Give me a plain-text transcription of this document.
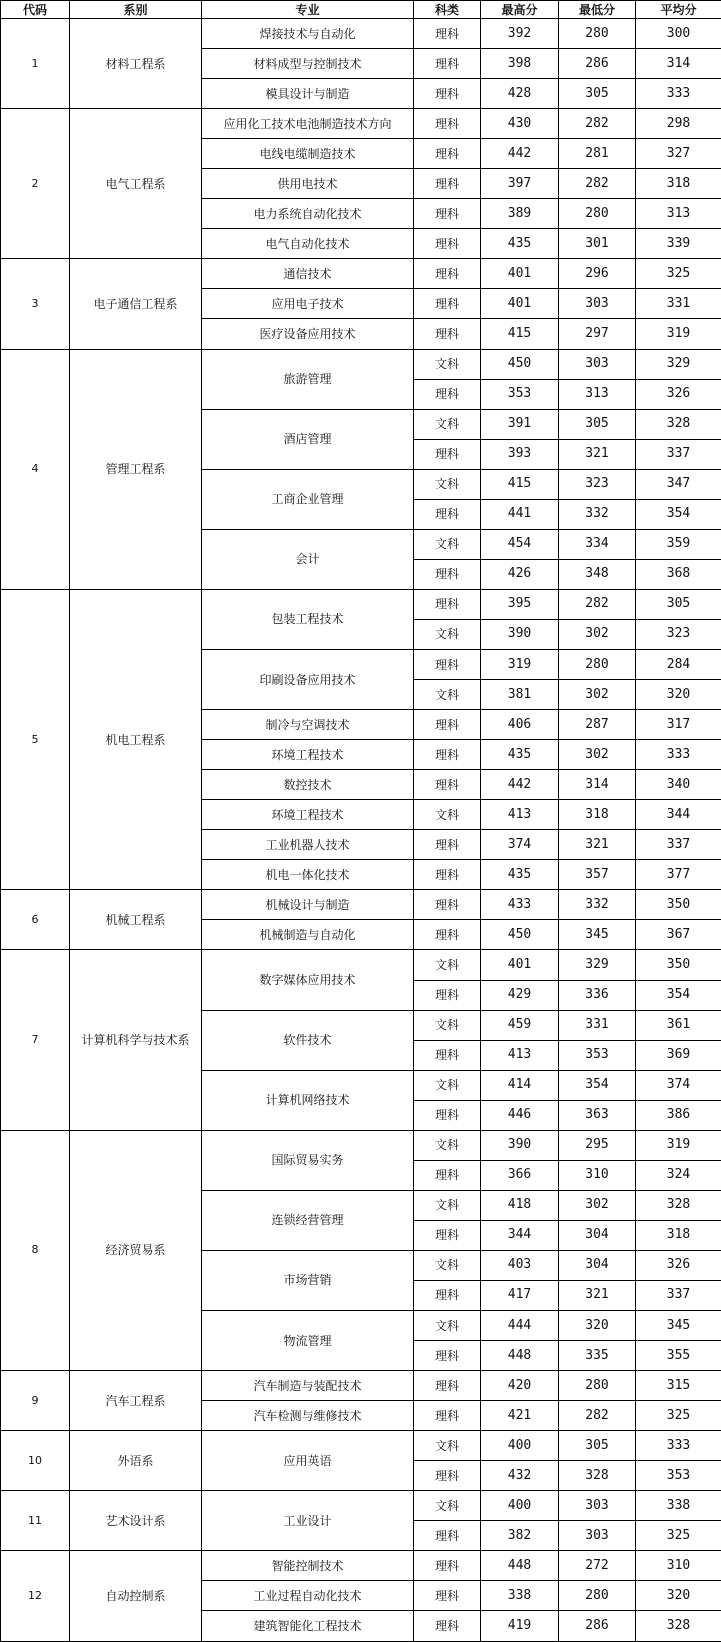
代码	系别	专业	科类	最高分	最低分	平均分
1	材料工程系	焊接技术与自动化	理科	392	280	300
		材料成型与控制技术	理科	398	286	314
		模具设计与制造	理科	428	305	333
2	电气工程系	应用化工技术电池制造技术方向	理科	430	282	298
		电线电缆制造技术	理科	442	281	327
		供用电技术	理科	397	282	318
		电力系统自动化技术	理科	389	280	313
		电气自动化技术	理科	435	301	339
3	电子通信工程系	通信技术	理科	401	296	325
		应用电子技术	理科	401	303	331
		医疗设备应用技术	理科	415	297	319
4	管理工程系	旅游管理	文科	450	303	329
			理科	353	313	326
		酒店管理	文科	391	305	328
			理科	393	321	337
		工商企业管理	文科	415	323	347
			理科	441	332	354
		会计	文科	454	334	359
			理科	426	348	368
5	机电工程系	包装工程技术	理科	395	282	305
			文科	390	302	323
		印刷设备应用技术	理科	319	280	284
			文科	381	302	320
		制冷与空调技术	理科	406	287	317
		环境工程技术	理科	435	302	333
		数控技术	理科	442	314	340
		环境工程技术	文科	413	318	344
		工业机器人技术	理科	374	321	337
		机电一体化技术	理科	435	357	377
6	机械工程系	机械设计与制造	理科	433	332	350
		机械制造与自动化	理科	450	345	367
7	计算机科学与技术系	数字媒体应用技术	文科	401	329	350
			理科	429	336	354
		软件技术	文科	459	331	361
			理科	413	353	369
		计算机网络技术	文科	414	354	374
			理科	446	363	386
8	经济贸易系	国际贸易实务	文科	390	295	319
			理科	366	310	324
		连锁经营管理	文科	418	302	328
			理科	344	304	318
		市场营销	文科	403	304	326
			理科	417	321	337
		物流管理	文科	444	320	345
			理科	448	335	355
9	汽车工程系	汽车制造与装配技术	理科	420	280	315
		汽车检测与维修技术	理科	421	282	325
10	外语系	应用英语	文科	400	305	333
			理科	432	328	353
11	艺术设计系	工业设计	文科	400	303	338
			理科	382	303	325
12	自动控制系	智能控制技术	理科	448	272	310
		工业过程自动化技术	理科	338	280	320
		建筑智能化工程技术	理科	419	286	328
